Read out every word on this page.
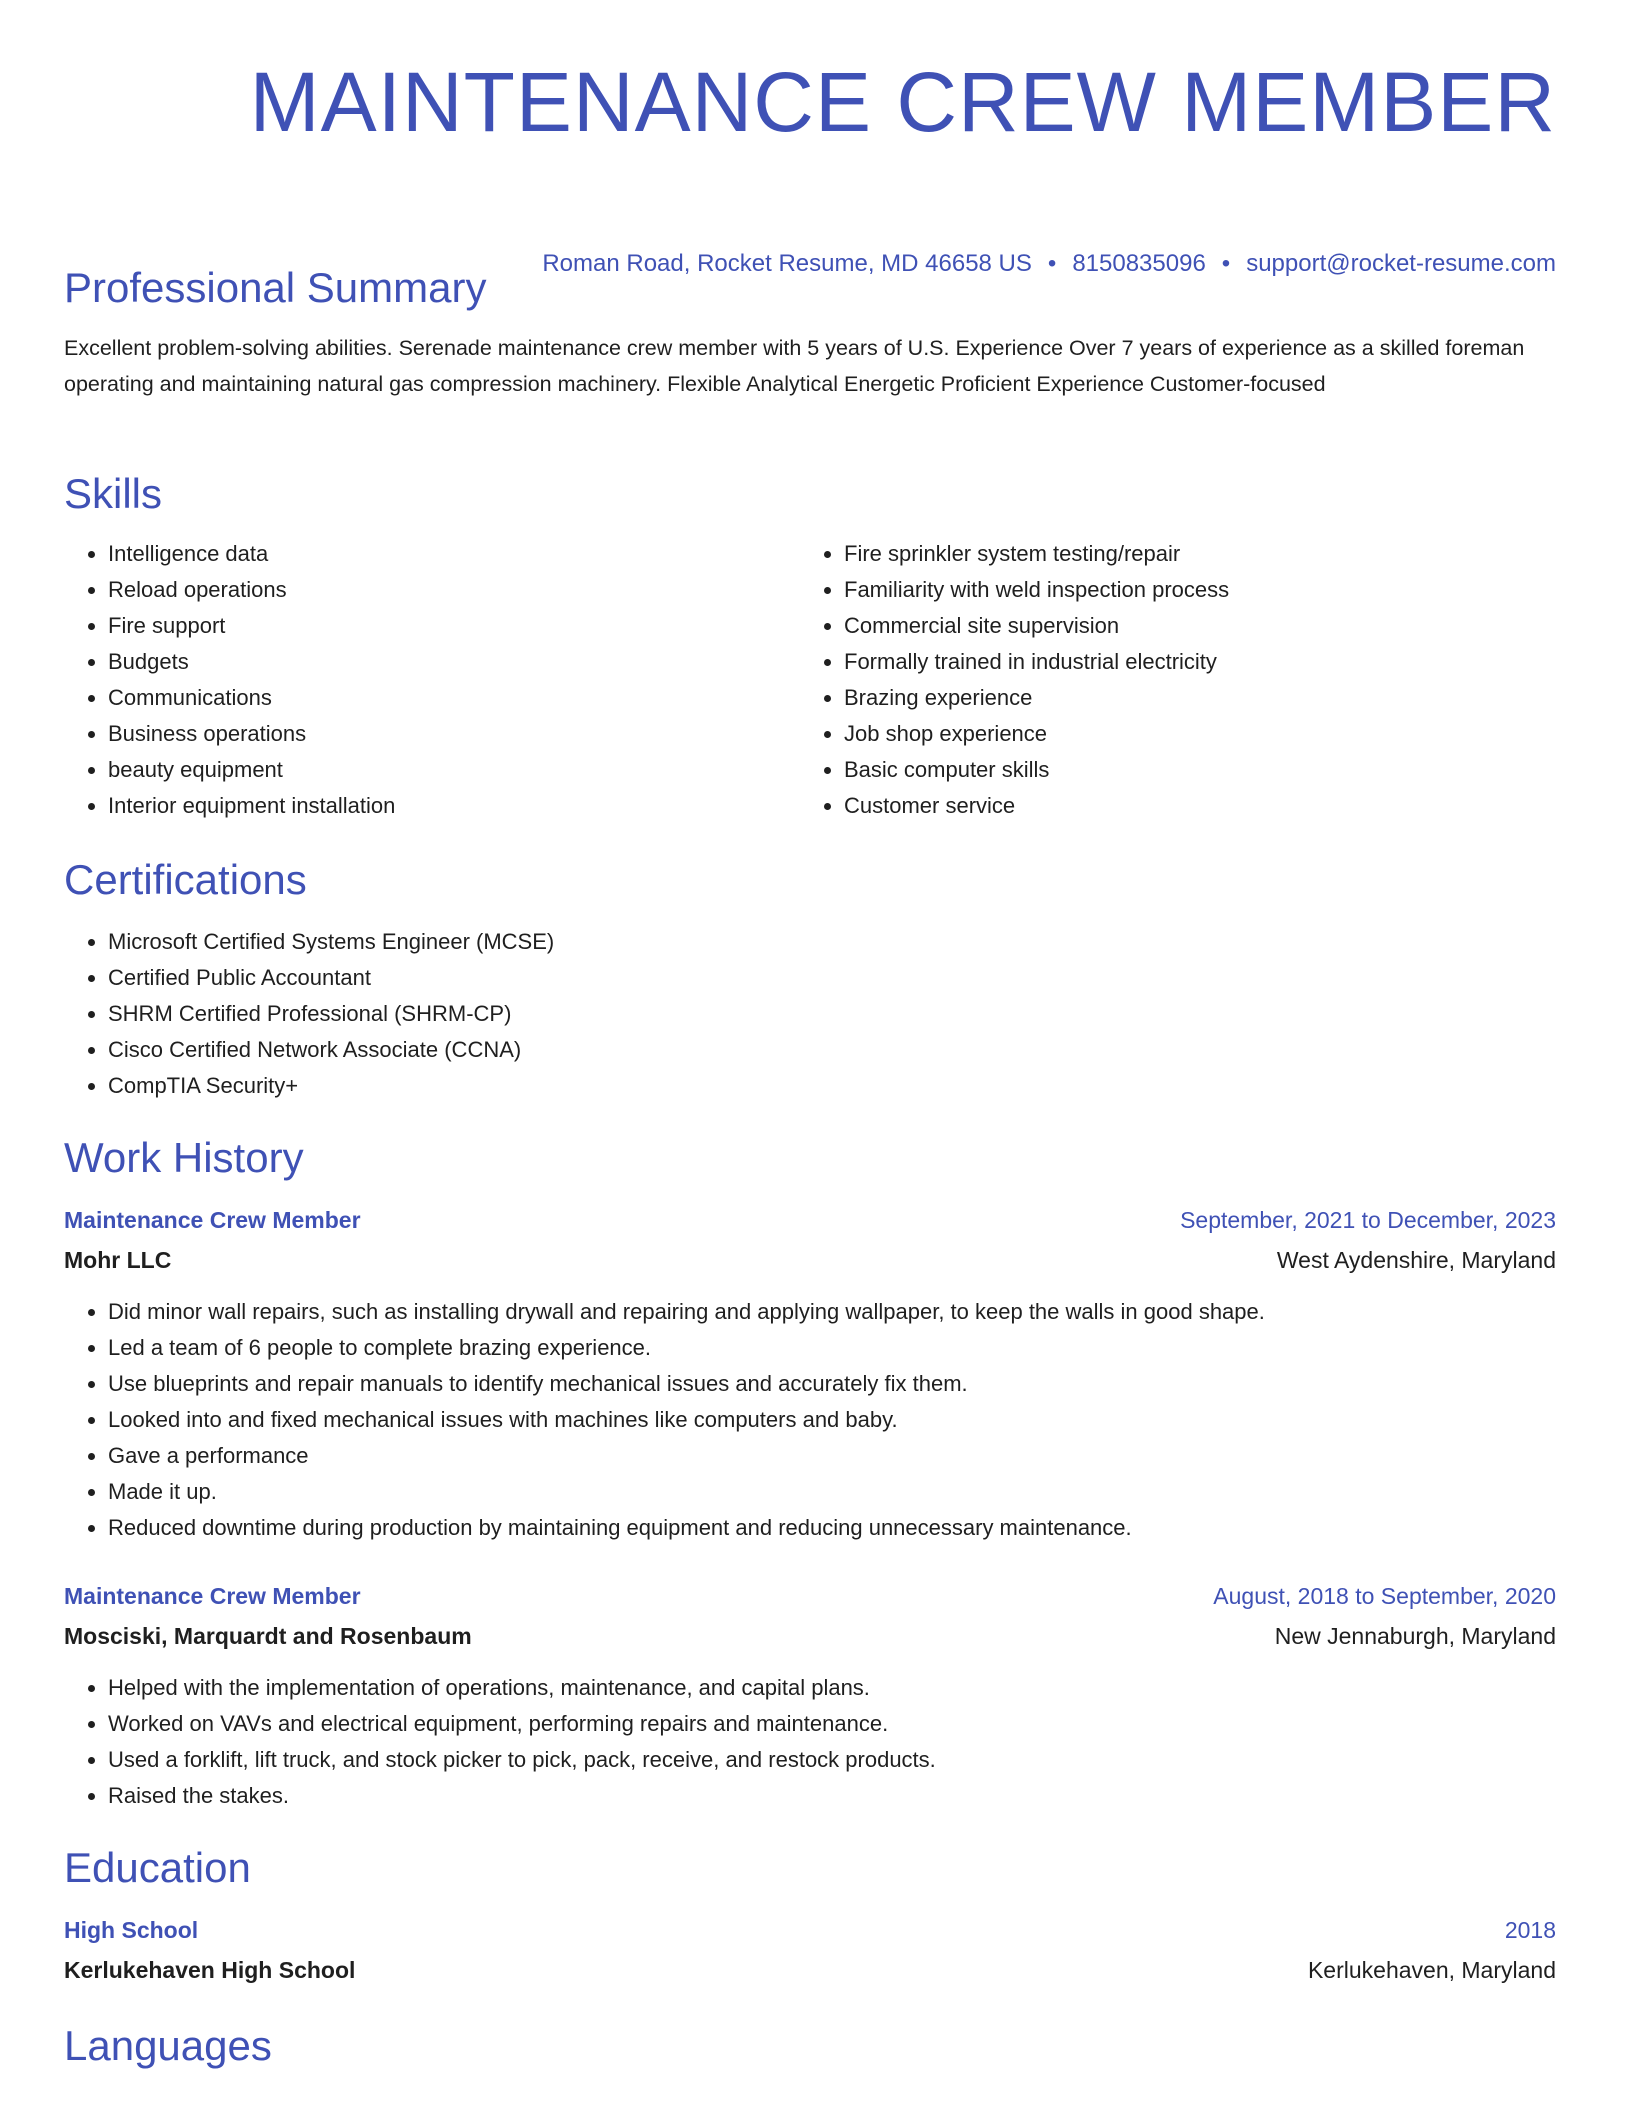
MAINTENANCE CREW MEMBER
Roman Road, Rocket Resume, MD 46658 US • 8150835096 • support@rocket-resume.com
Professional Summary

Excellent problem-solving abilities. Serenade maintenance crew member with 5 years of U.S. Experience Over 7 years of experience as a skilled foreman operating and maintaining natural gas compression machinery. Flexible Analytical Energetic Proficient Experience Customer-focused

Skills
• Intelligence data
• Reload operations
• Fire support
• Budgets
• Communications
• Business operations
• beauty equipment
• Interior equipment installation
• Fire sprinkler system testing/repair
• Familiarity with weld inspection process
• Commercial site supervision
• Formally trained in industrial electricity
• Brazing experience
• Job shop experience
• Basic computer skills
• Customer service
Certifications
• Microsoft Certified Systems Engineer (MCSE)
• Certified Public Accountant
• SHRM Certified Professional (SHRM-CP)
• Cisco Certified Network Associate (CCNA)
• CompTIA Security+
Work History
Maintenance Crew Member	September, 2021 to December, 2023
Mohr LLC	West Aydenshire, Maryland
• Did minor wall repairs, such as installing drywall and repairing and applying wallpaper, to keep the walls in good shape.
• Led a team of 6 people to complete brazing experience.
• Use blueprints and repair manuals to identify mechanical issues and accurately fix them.
• Looked into and fixed mechanical issues with machines like computers and baby.
• Gave a performance
• Made it up.
• Reduced downtime during production by maintaining equipment and reducing unnecessary maintenance.
Maintenance Crew Member	August, 2018 to September, 2020
Mosciski, Marquardt and Rosenbaum	New Jennaburgh, Maryland
• Helped with the implementation of operations, maintenance, and capital plans.
• Worked on VAVs and electrical equipment, performing repairs and maintenance.
• Used a forklift, lift truck, and stock picker to pick, pack, receive, and restock products.
• Raised the stakes.
Education
High School	2018
Kerlukehaven High School	Kerlukehaven, Maryland
Languages
